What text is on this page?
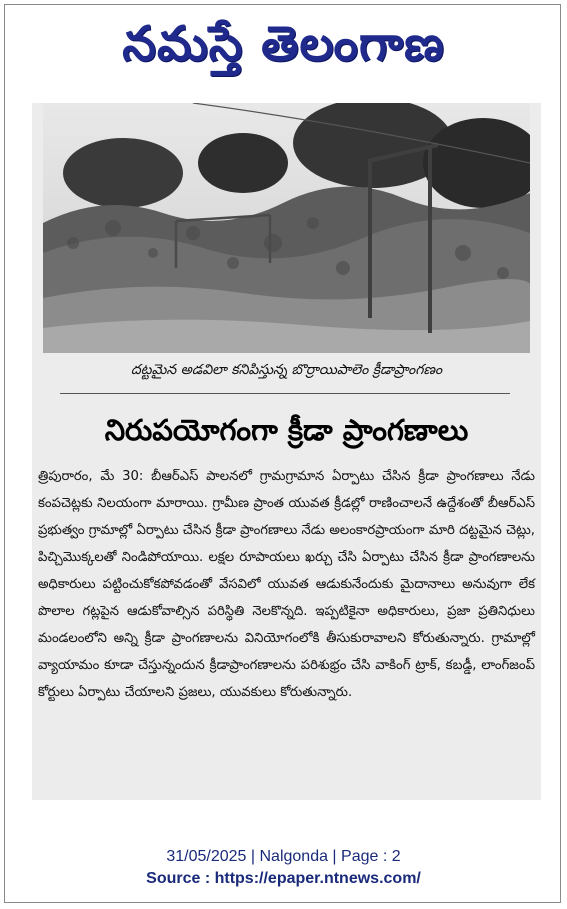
నమస్తే తెలంగాణ
దట్టమైన అడవిలా కనిపిస్తున్న బొర్రాయిపాలెం క్రీడాప్రాంగణం
నిరుపయోగంగా క్రీడా ప్రాంగణాలు
త్రిపురారం, మే 30: బీఆర్ఎస్ పాలనలో గ్రామగ్రామాన ఏర్పాటు చేసిన క్రీడా ప్రాంగణాలు నేడు కంపచెట్లకు నిలయంగా మారాయి. గ్రామీణ ప్రాంత యువత క్రీడల్లో రాణించాలనే ఉద్దేశంతో బీఆర్ఎస్ ప్రభుత్వం గ్రామాల్లో ఏర్పాటు చేసిన క్రీడా ప్రాంగణాలు నేడు అలంకారప్రాయంగా మారి దట్టమైన చెట్లు, పిచ్చిమొక్కలతో నిండిపోయాయి. లక్షల రూపాయలు ఖర్చు చేసి ఏర్పాటు చేసిన క్రీడా ప్రాంగణాలను అధికారులు పట్టించుకోకపోవడంతో వేసవిలో యువత ఆడుకునేందుకు మైదానాలు అనువుగా లేక పొలాల గట్లపైన ఆడుకోవాల్సిన పరిస్థితి నెలకొన్నది. ఇప్పటికైనా అధికారులు, ప్రజా ప్రతినిధులు మండలంలోని అన్ని క్రీడా ప్రాంగణాలను వినియోగంలోకి తీసుకురావాలని కోరుతున్నారు. గ్రామాల్లో వ్యాయామం కూడా చేస్తున్నందున క్రీడాప్రాంగణాలను పరిశుభ్రం చేసి వాకింగ్ ట్రాక్, కబడ్డీ, లాంగ్‌జంప్ కోర్టులు ఏర్పాటు చేయాలని ప్రజలు, యువకులు కోరుతున్నారు.
31/05/2025 | Nalgonda | Page : 2
Source : https://epaper.ntnews.com/
